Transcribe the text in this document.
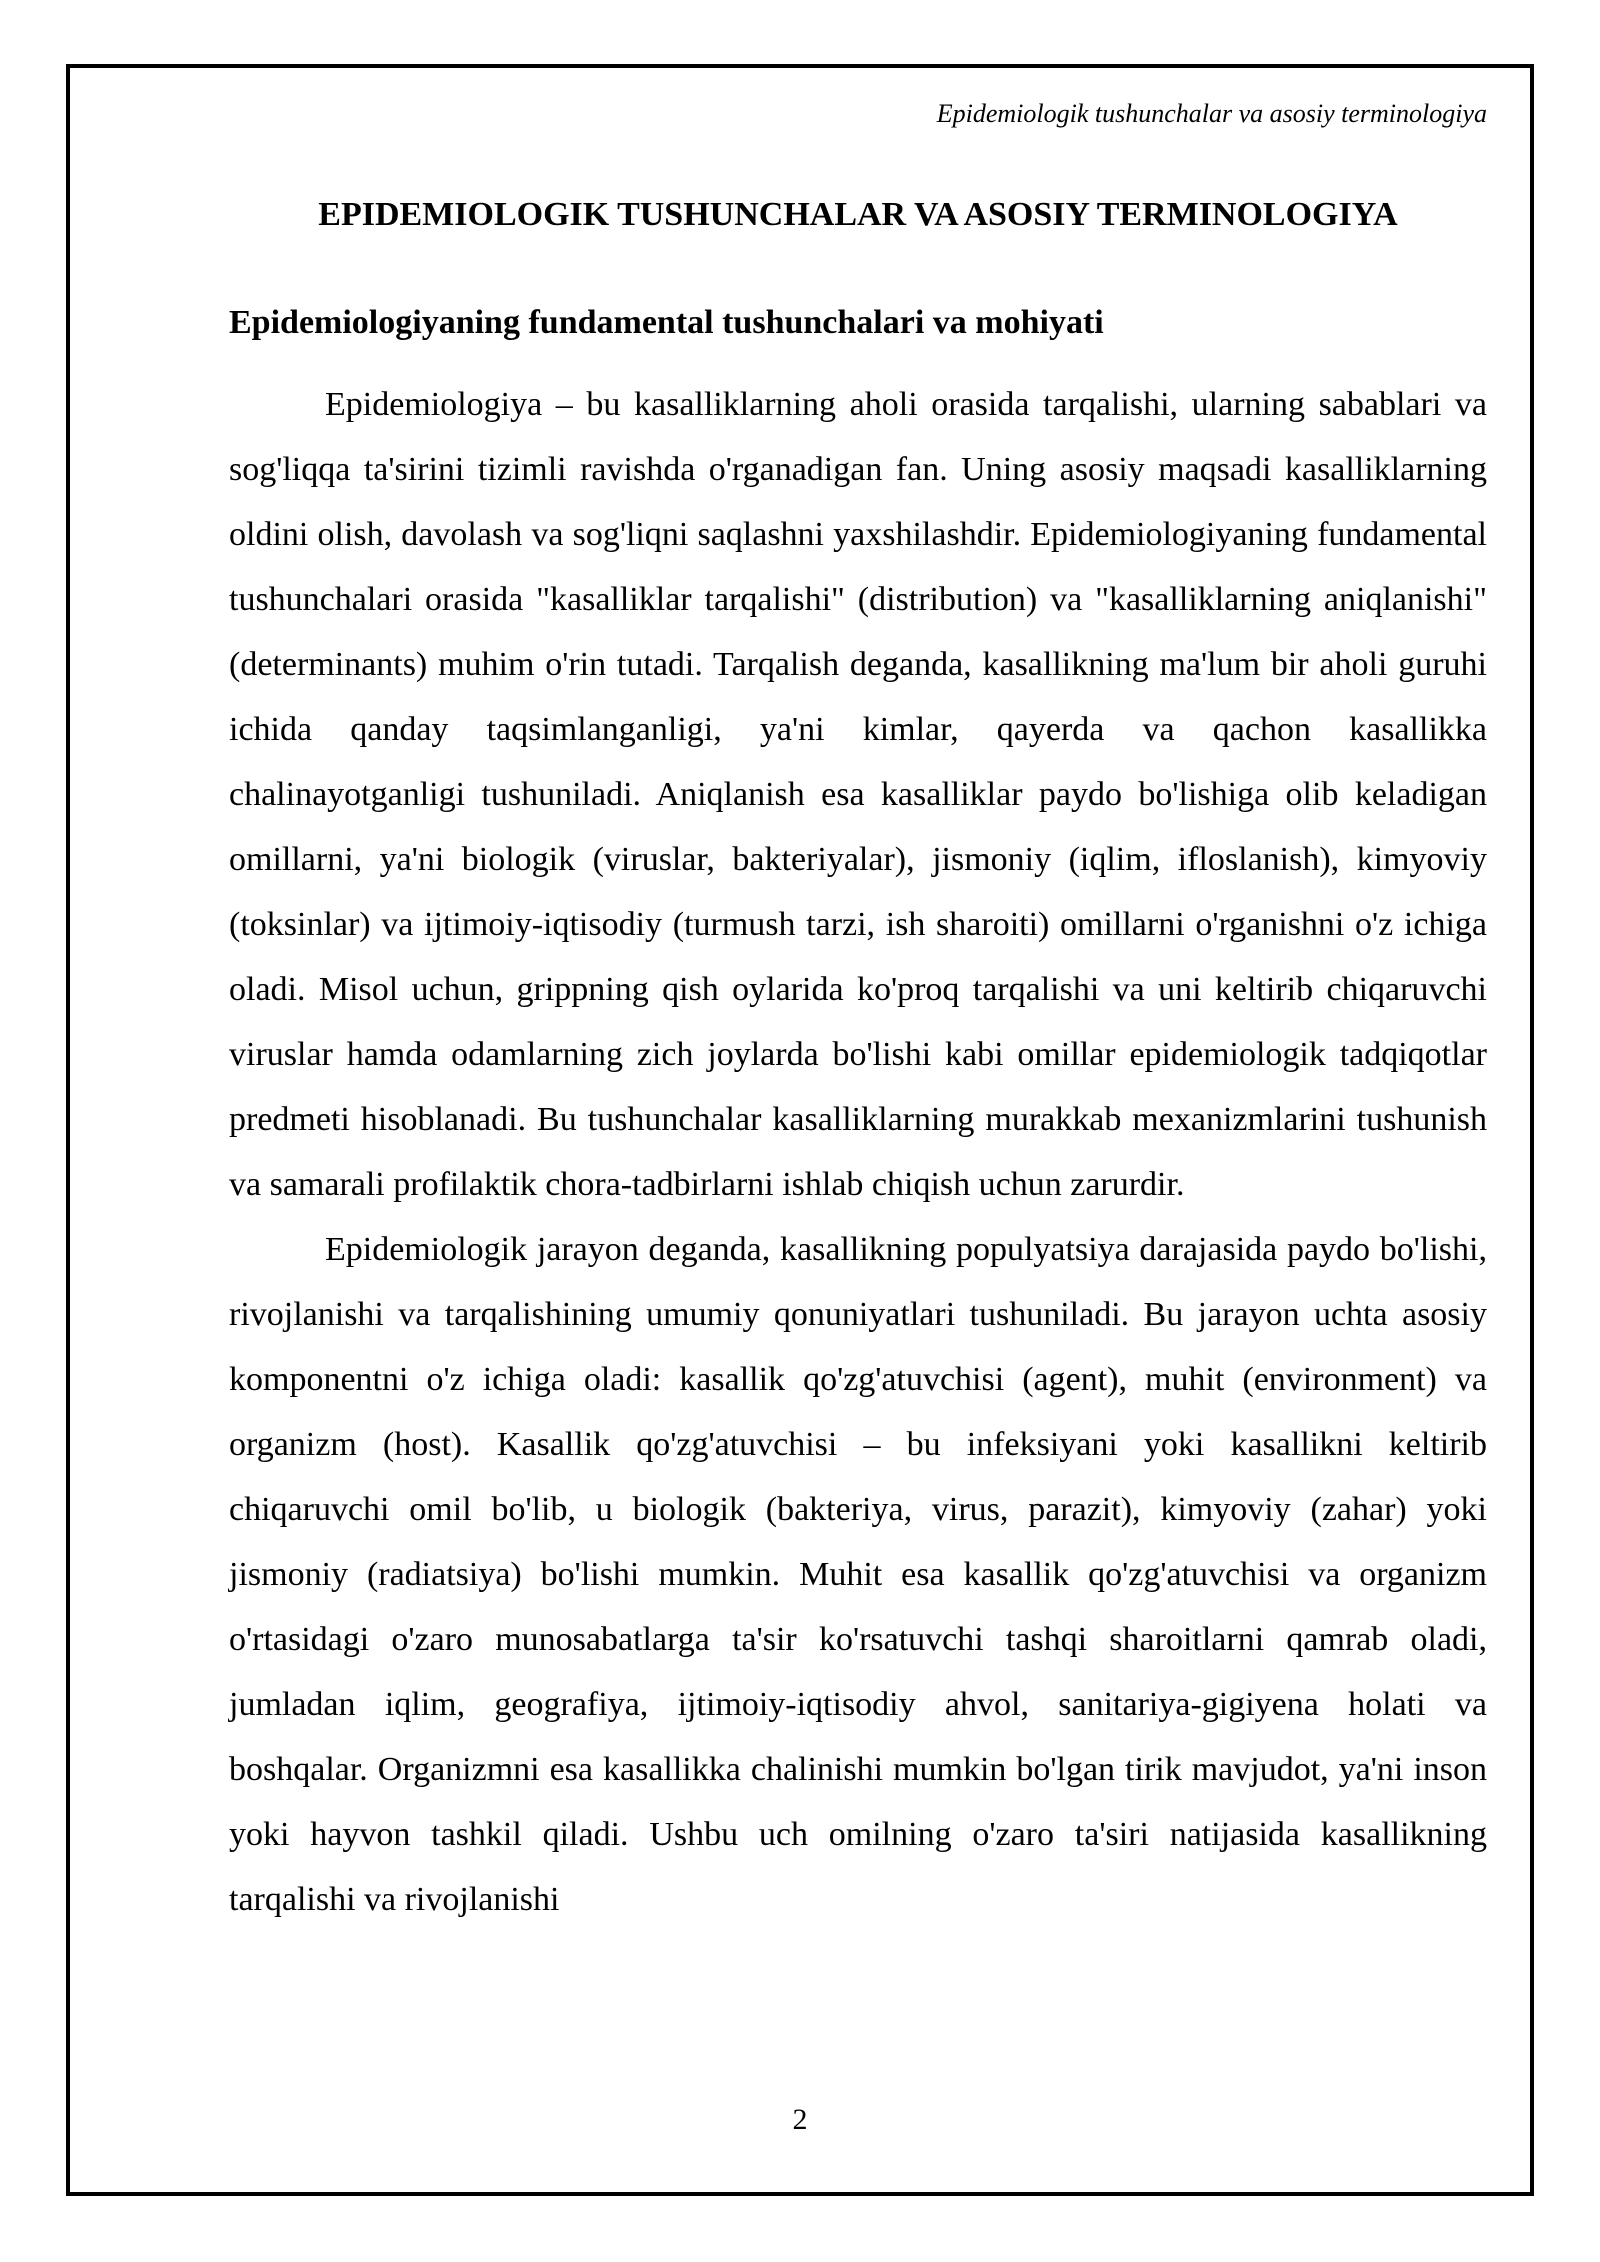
Epidemiologik tushunchalar va asosiy terminologiya
EPIDEMIOLOGIK TUSHUNCHALAR VA ASOSIY TERMINOLOGIYA
Epidemiologiyaning fundamental tushunchalari va mohiyati

Epidemiologiya – bu kasalliklarning aholi orasida tarqalishi, ularning sabablari va sog'liqqa ta'sirini tizimli ravishda o'rganadigan fan. Uning asosiy maqsadi kasalliklarning oldini olish, davolash va sog'liqni saqlashni yaxshilashdir. Epidemiologiyaning fundamental tushunchalari orasida "kasalliklar tarqalishi" (distribution) va "kasalliklarning aniqlanishi" (determinants) muhim o'rin tutadi. Tarqalish deganda, kasallikning ma'lum bir aholi guruhi ichida qanday taqsimlanganligi, ya'ni kimlar, qayerda va qachon kasallikka chalinayotganligi tushuniladi. Aniqlanish esa kasalliklar paydo bo'lishiga olib keladigan omillarni, ya'ni biologik (viruslar, bakteriyalar), jismoniy (iqlim, ifloslanish), kimyoviy (toksinlar) va ijtimoiy-iqtisodiy (turmush tarzi, ish sharoiti) omillarni o'rganishni o'z ichiga oladi. Misol uchun, grippning qish oylarida ko'proq tarqalishi va uni keltirib chiqaruvchi viruslar hamda odamlarning zich joylarda bo'lishi kabi omillar epidemiologik tadqiqotlar predmeti hisoblanadi. Bu tushunchalar kasalliklarning murakkab mexanizmlarini tushunish va samarali profilaktik chora-tadbirlarni ishlab chiqish uchun zarurdir.

Epidemiologik jarayon deganda, kasallikning populyatsiya darajasida paydo bo'lishi, rivojlanishi va tarqalishining umumiy qonuniyatlari tushuniladi. Bu jarayon uchta asosiy komponentni o'z ichiga oladi: kasallik qo'zg'atuvchisi (agent), muhit (environment) va organizm (host). Kasallik qo'zg'atuvchisi – bu infeksiyani yoki kasallikni keltirib chiqaruvchi omil bo'lib, u biologik (bakteriya, virus, parazit), kimyoviy (zahar) yoki jismoniy (radiatsiya) bo'lishi mumkin. Muhit esa kasallik qo'zg'atuvchisi va organizm o'rtasidagi o'zaro munosabatlarga ta'sir ko'rsatuvchi tashqi sharoitlarni qamrab oladi, jumladan iqlim, geografiya, ijtimoiy-iqtisodiy ahvol, sanitariya-gigiyena holati va boshqalar. Organizmni esa kasallikka chalinishi mumkin bo'lgan tirik mavjudot, ya'ni inson yoki hayvon tashkil qiladi. Ushbu uch omilning o'zaro ta'siri natijasida kasallikning tarqalishi va rivojlanishi

2
